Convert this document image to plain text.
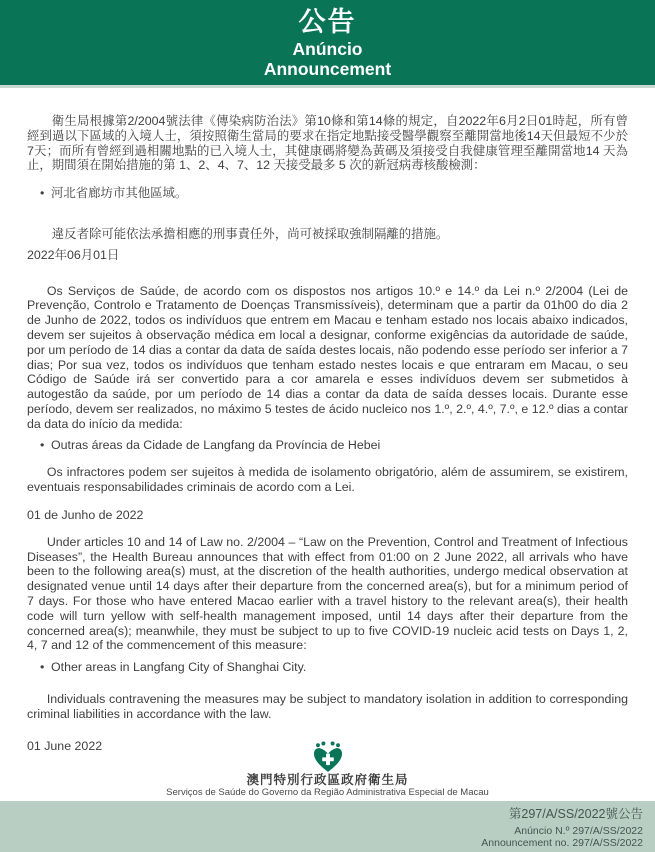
公告
Anúncio
Announcement

衛生局根據第2/2004號法律《傳染病防治法》第10條和第14條的規定，自2022年6月2日01時起，所有曾經到過以下區域的入境人士，須按照衛生當局的要求在指定地點接受醫學觀察至離開當地後14天但最短不少於7天；而所有曾經到過相關地點的已入境人士，其健康碼將變為黃碼及須接受自我健康管理至離開當地14 天為止，期間須在開始措施的第 1、2、4、7、12 天接受最多 5 次的新冠病毒核酸檢測：

• 河北省廊坊市其他區域。

違反者除可能依法承擔相應的刑事責任外，尚可被採取強制隔離的措施。

2022年06月01日

Os Serviços de Saúde, de acordo com os dispostos nos artigos 10.º e 14.º da Lei n.º 2/2004 (Lei de Prevenção, Controlo e Tratamento de Doenças Transmissíveis), determinam que a partir da 01h00 do dia 2 de Junho de 2022, todos os indivíduos que entrem em Macau e tenham estado nos locais abaixo indicados, devem ser sujeitos à observação médica em local a designar, conforme exigências da autoridade de saúde, por um período de 14 dias a contar da data de saída destes locais, não podendo esse período ser inferior a 7 dias; Por sua vez, todos os indivíduos que tenham estado nestes locais e que entraram em Macau, o seu Código de Saúde irá ser convertido para a cor amarela e esses indivíduos devem ser submetidos à autogestão da saúde, por um período de 14 dias a contar da data de saída desses locais. Durante esse período, devem ser realizados, no máximo 5 testes de ácido nucleico nos 1.º, 2.º, 4.º, 7.º, e 12.º dias a contar da data do início da medida:

• Outras áreas da Cidade de Langfang da Província de Hebei

Os infractores podem ser sujeitos à medida de isolamento obrigatório, além de assumirem, se existirem, eventuais responsabilidades criminais de acordo com a Lei.

01 de Junho de 2022

Under articles 10 and 14 of Law no. 2/2004 – “Law on the Prevention, Control and Treatment of Infectious Diseases”, the Health Bureau announces that with effect from 01:00 on 2 June 2022, all arrivals who have been to the following area(s) must, at the discretion of the health authorities, undergo medical observation at designated venue until 14 days after their departure from the concerned area(s), but for a minimum period of 7 days. For those who have entered Macao earlier with a travel history to the relevant area(s), their health code will turn yellow with self-health management imposed, until 14 days after their departure from the concerned area(s); meanwhile, they must be subject to up to five COVID-19 nucleic acid tests on Days 1, 2, 4, 7 and 12 of the commencement of this measure:

• Other areas in Langfang City of Shanghai City.

Individuals contravening the measures may be subject to mandatory isolation in addition to corresponding criminal liabilities in accordance with the law.

01 June 2022
澳門特別行政區政府衛生局
Serviços de Saúde do Governo da Região Administrativa Especial de Macau
第297/A/SS/2022號公告
Anúncio N.º 297/A/SS/2022
Announcement no. 297/A/SS/2022
